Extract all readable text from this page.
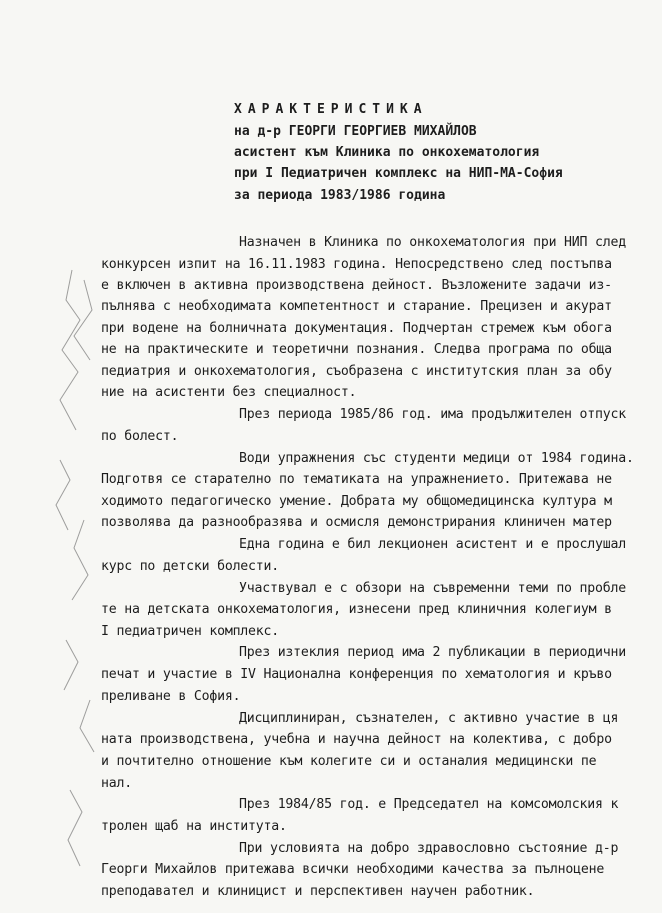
ХАРАКТЕРИСТИКА
на д-р ГЕОРГИ ГЕОРГИЕВ МИХАЙЛОВ
асистент към Клиника по онкохематология
при I Педиатричен комплекс на НИП-МА-София
за периода 1983/1986 година
Назначен в Клиника по онкохематология при НИП след
конкурсен изпит на 16.11.1983 година. Непосредствено след постъпва
е включен в активна производствена дейност. Възложените задачи из-
пълнява с необходимата компетентност и старание. Прецизен и акурат
при водене на болничната документация. Подчертан стремеж към обога
не на практическите и теоретични познания. Следва програма по обща
педиатрия и онкохематология, съобразена с институтския план за обу
ние на асистенти без специалност.
През периода 1985/86 год. има продължителен отпуск
по болест.
Води упражнения със студенти медици от 1984 година.
Подготвя се старателно по тематиката на упражнението. Притежава не
ходимото педагогическо умение. Добрата му общомедицинска култура м
позволява да разнообразява и осмисля демонстрирания клиничен матер
Една година е бил лекционен асистент и е прослушал
курс по детски болести.
Участвувал е с обзори на съвременни теми по пробле
те на детската онкохематология, изнесени пред клиничния колегиум в
I педиатричен комплекс.
През изтеклия период има 2 публикации в периодични
печат и участие в IV Национална конференция по хематология и кръво
преливане в София.
Дисциплиниран, съзнателен, с активно участие в ця
ната производствена, учебна и научна дейност на колектива, с добро
и почтително отношение към колегите си и останалия медицински пе
нал.
През 1984/85 год. е Председател на комсомолския к
тролен щаб на института.
При условията на добро здравословно състояние д-р
Георги Михайлов притежава всички необходими качества за пълноцене
преподавател и клиницист и перспективен научен работник.
